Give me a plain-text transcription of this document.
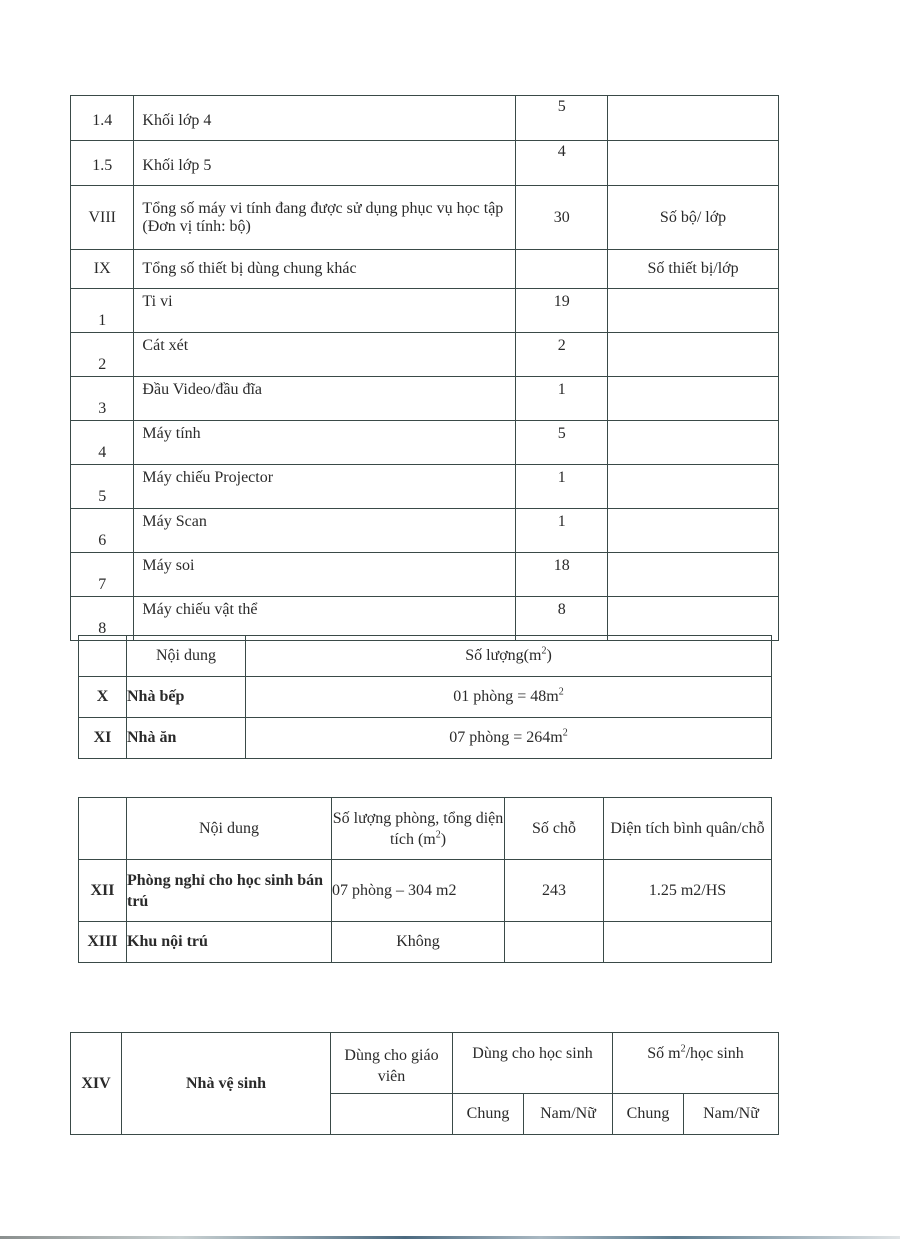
1.4	Khối lớp 4	5	
1.5	Khối lớp 5	4	
VIII	Tổng số máy vi tính đang được sử dụng phục vụ học tập (Đơn vị tính: bộ)	30	Số bộ/ lớp
IX	Tổng số thiết bị dùng chung khác		Số thiết bị/lớp
1	Ti vi	19	
2	Cát xét	2	
3	Đầu Video/đầu đĩa	1	
4	Máy tính	5	
5	Máy chiếu Projector	1	
6	Máy Scan	1	
7	Máy soi	18	
8	Máy chiếu vật thể	8	
	Nội dung	Số $lượng(m^2)$
X	Nhà bếp	01 phòng = $48m^2$
XI	Nhà ăn	07 phòng = $264m^2$
	Nội dung	Số lượng phòng, tổng diện tích $(m^2)$	Số chỗ	Diện tích bình quân/chỗ
XII	Phòng nghỉ cho học sinh bán trú	07 phòng – 304 m2	243	1.25 m2/HS
XIII	Khu nội trú	Không		
XIV	Nhà vệ sinh	Dùng cho giáo viên	Dùng cho học sinh		Số $m^2$/học sinh	
			Chung	Nam/Nữ	Chung	Nam/Nữ
